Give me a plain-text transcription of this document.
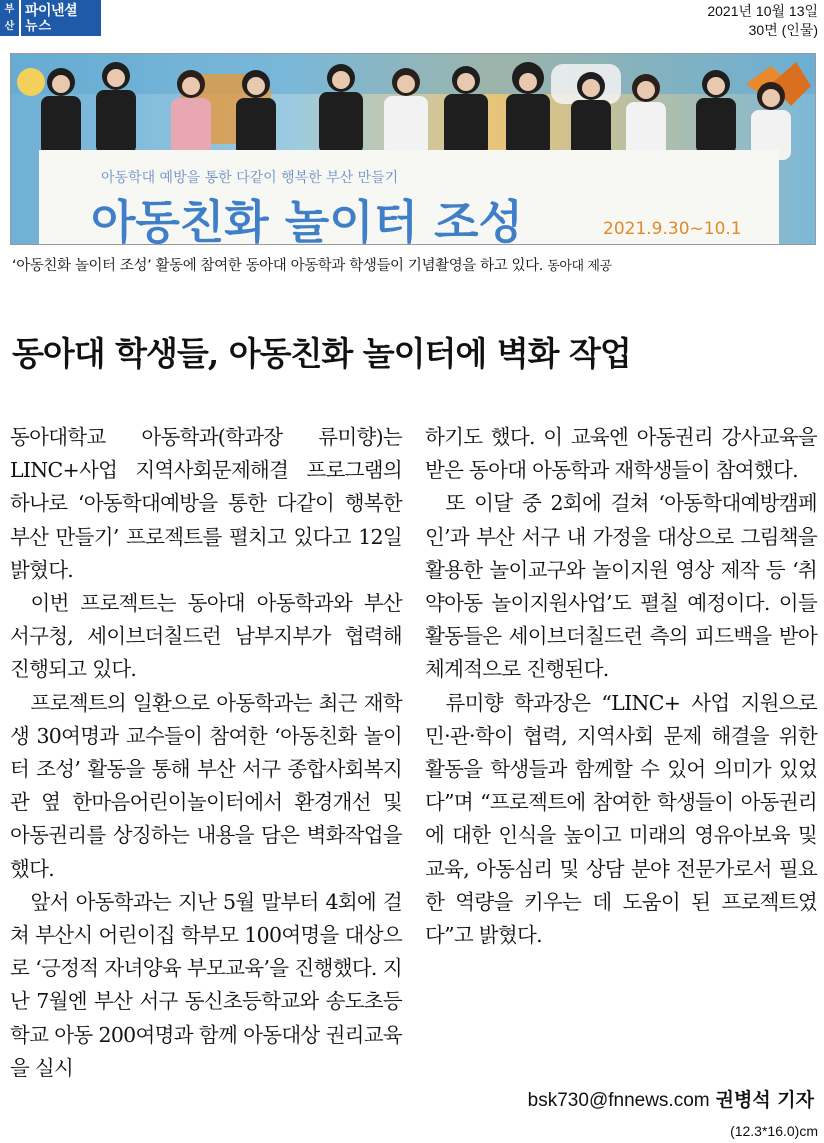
부
산
파이낸셜
뉴스
2021년 10월 13일
30면 (인물)
아동학대 예방을 통한 다같이 행복한 부산 만들기
아동친화 놀이터 조성	2021.9.30~10.1
‘아동친화 놀이터 조성’ 활동에 참여한 동아대 아동학과 학생들이 기념촬영을 하고 있다. 동아대 제공
동아대 학생들, 아동친화 놀이터에 벽화 작업

동아대학교 아동학과(학과장 류미향)는 LINC+사업 지역사회문제해결 프로그램의 하나로 ‘아동학대예방을 통한 다같이 행복한 부산 만들기’ 프로젝트를 펼치고 있다고 12일 밝혔다.

이번 프로젝트는 동아대 아동학과와 부산 서구청, 세이브더칠드런 남부지부가 협력해 진행되고 있다.

프로젝트의 일환으로 아동학과는 최근 재학생 30여명과 교수들이 참여한 ‘아동친화 놀이터 조성’ 활동을 통해 부산 서구 종합사회복지관 옆 한마음어린이놀이터에서 환경개선 및 아동권리를 상징하는 내용을 담은 벽화작업을 했다.

앞서 아동학과는 지난 5월 말부터 4회에 걸쳐 부산시 어린이집 학부모 100여명을 대상으로 ‘긍정적 자녀양육 부모교육’을 진행했다. 지난 7월엔 부산 서구 동신초등학교와 송도초등학교 아동 200여명과 함께 아동대상 권리교육을 실시

하기도 했다. 이 교육엔 아동권리 강사교육을 받은 동아대 아동학과 재학생들이 참여했다.

또 이달 중 2회에 걸쳐 ‘아동학대예방캠페인’과 부산 서구 내 가정을 대상으로 그림책을 활용한 놀이교구와 놀이지원 영상 제작 등 ‘취약아동 놀이지원사업’도 펼칠 예정이다. 이들 활동들은 세이브더칠드런 측의 피드백을 받아 체계적으로 진행된다.

류미향 학과장은 “LINC+ 사업 지원으로 민·관·학이 협력, 지역사회 문제 해결을 위한 활동을 학생들과 함께할 수 있어 의미가 있었다”며 “프로젝트에 참여한 학생들이 아동권리에 대한 인식을 높이고 미래의 영유아보육 및 교육, 아동심리 및 상담 분야 전문가로서 필요한 역량을 키우는 데 도움이 된 프로젝트였다”고 밝혔다.

bsk730@fnnews.com 권병석 기자
(12.3*16.0)cm
